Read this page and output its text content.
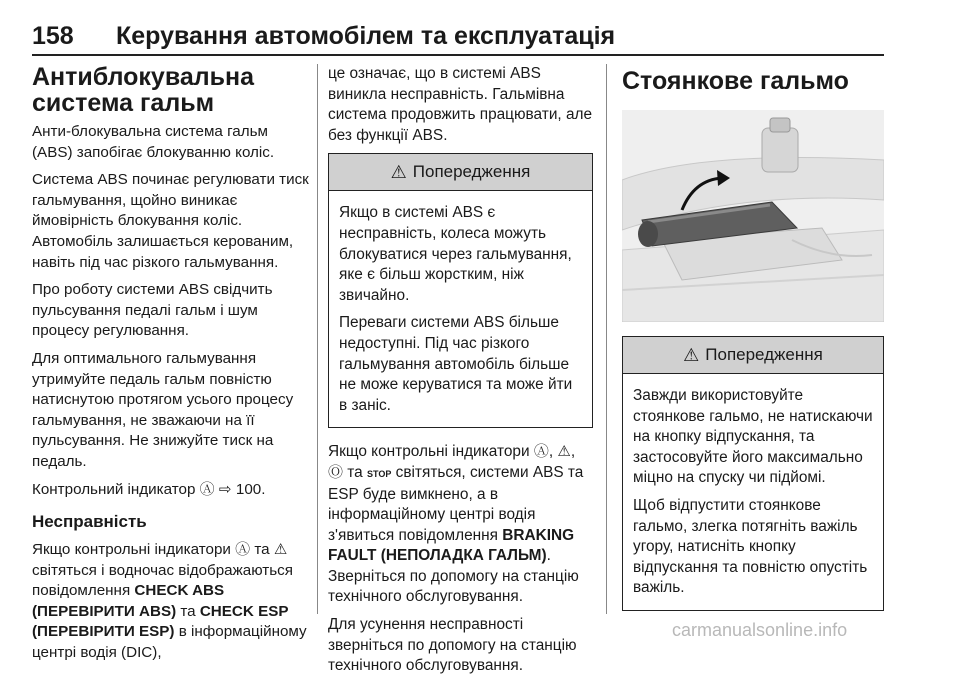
158 Керування автомобілем та експлуатація
Антиблокувальна система гальм

Анти-блокувальна система гальм (ABS) запобігає блокуванню коліс.

Система ABS починає регулювати тиск гальмування, щойно виникає ймовірність блокування коліс. Автомобіль залишається керованим, навіть під час різкого гальмування.

Про роботу системи ABS свідчить пульсування педалі гальм і шум процесу регулювання.

Для оптимального гальмування утримуйте педаль гальм повністю натиснутою протягом усього процесу гальмування, не зважаючи на її пульсування. Не знижуйте тиск на педаль.

Контрольний індикатор Ⓐ ⇨ 100.

Несправність

Якщо контрольні індикатори Ⓐ та ⚠ світяться і водночас відображаються повідомлення CHECK ABS (ПЕРЕВІРИТИ ABS) та CHECK ESP (ПЕРЕВІРИТИ ESP) в інформаційному центрі водія (DIC),

це означає, що в системі ABS виникла несправність. Гальмівна система продовжить працювати, але без функції ABS.

⚠ Попередження

Якщо в системі ABS є несправність, колеса можуть блокуватися через гальмування, яке є більш жорстким, ніж звичайно.

Переваги системи ABS більше недоступні. Під час різкого гальмування автомобіль більше не може керуватися та може йти в заніс.

Якщо контрольні індикатори Ⓐ, ⚠, Ⓞ та STOP світяться, системи ABS та ESP буде вимкнено, а в інформаційному центрі водія з'явиться повідомлення BRAKING FAULT (НЕПОЛАДКА ГАЛЬМ). Зверніться по допомогу на станцію технічного обслуговування.

Для усунення несправності зверніться по допомогу на станцію технічного обслуговування.

Стоянкове гальмо
⚠ Попередження

Завжди використовуйте стоянкове гальмо, не натискаючи на кнопку відпускання, та застосовуйте його максимально міцно на спуску чи підйомі.

Щоб відпустити стоянкове гальмо, злегка потягніть важіль угору, натисніть кнопку відпускання та повністю опустіть важіль.

carmanualsonline.info
